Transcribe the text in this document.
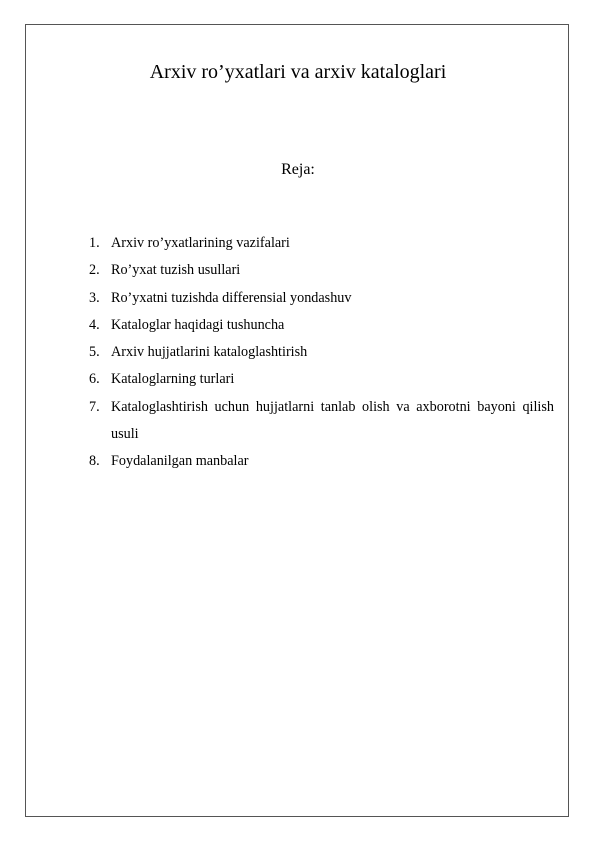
Arxiv ro’yxatlari va arxiv kataloglari
Reja:
1. Arxiv ro’yxatlarining vazifalari
2. Ro’yxat tuzish usullari
3. Ro’yxatni tuzishda differensial yondashuv
4. Kataloglar haqidagi tushuncha
5. Arxiv hujjatlarini kataloglashtirish
6. Kataloglarning turlari
7. Kataloglashtirish uchun hujjatlarni tanlab olish va axborotni bayoni qilish usuli
8. Foydalanilgan manbalar
